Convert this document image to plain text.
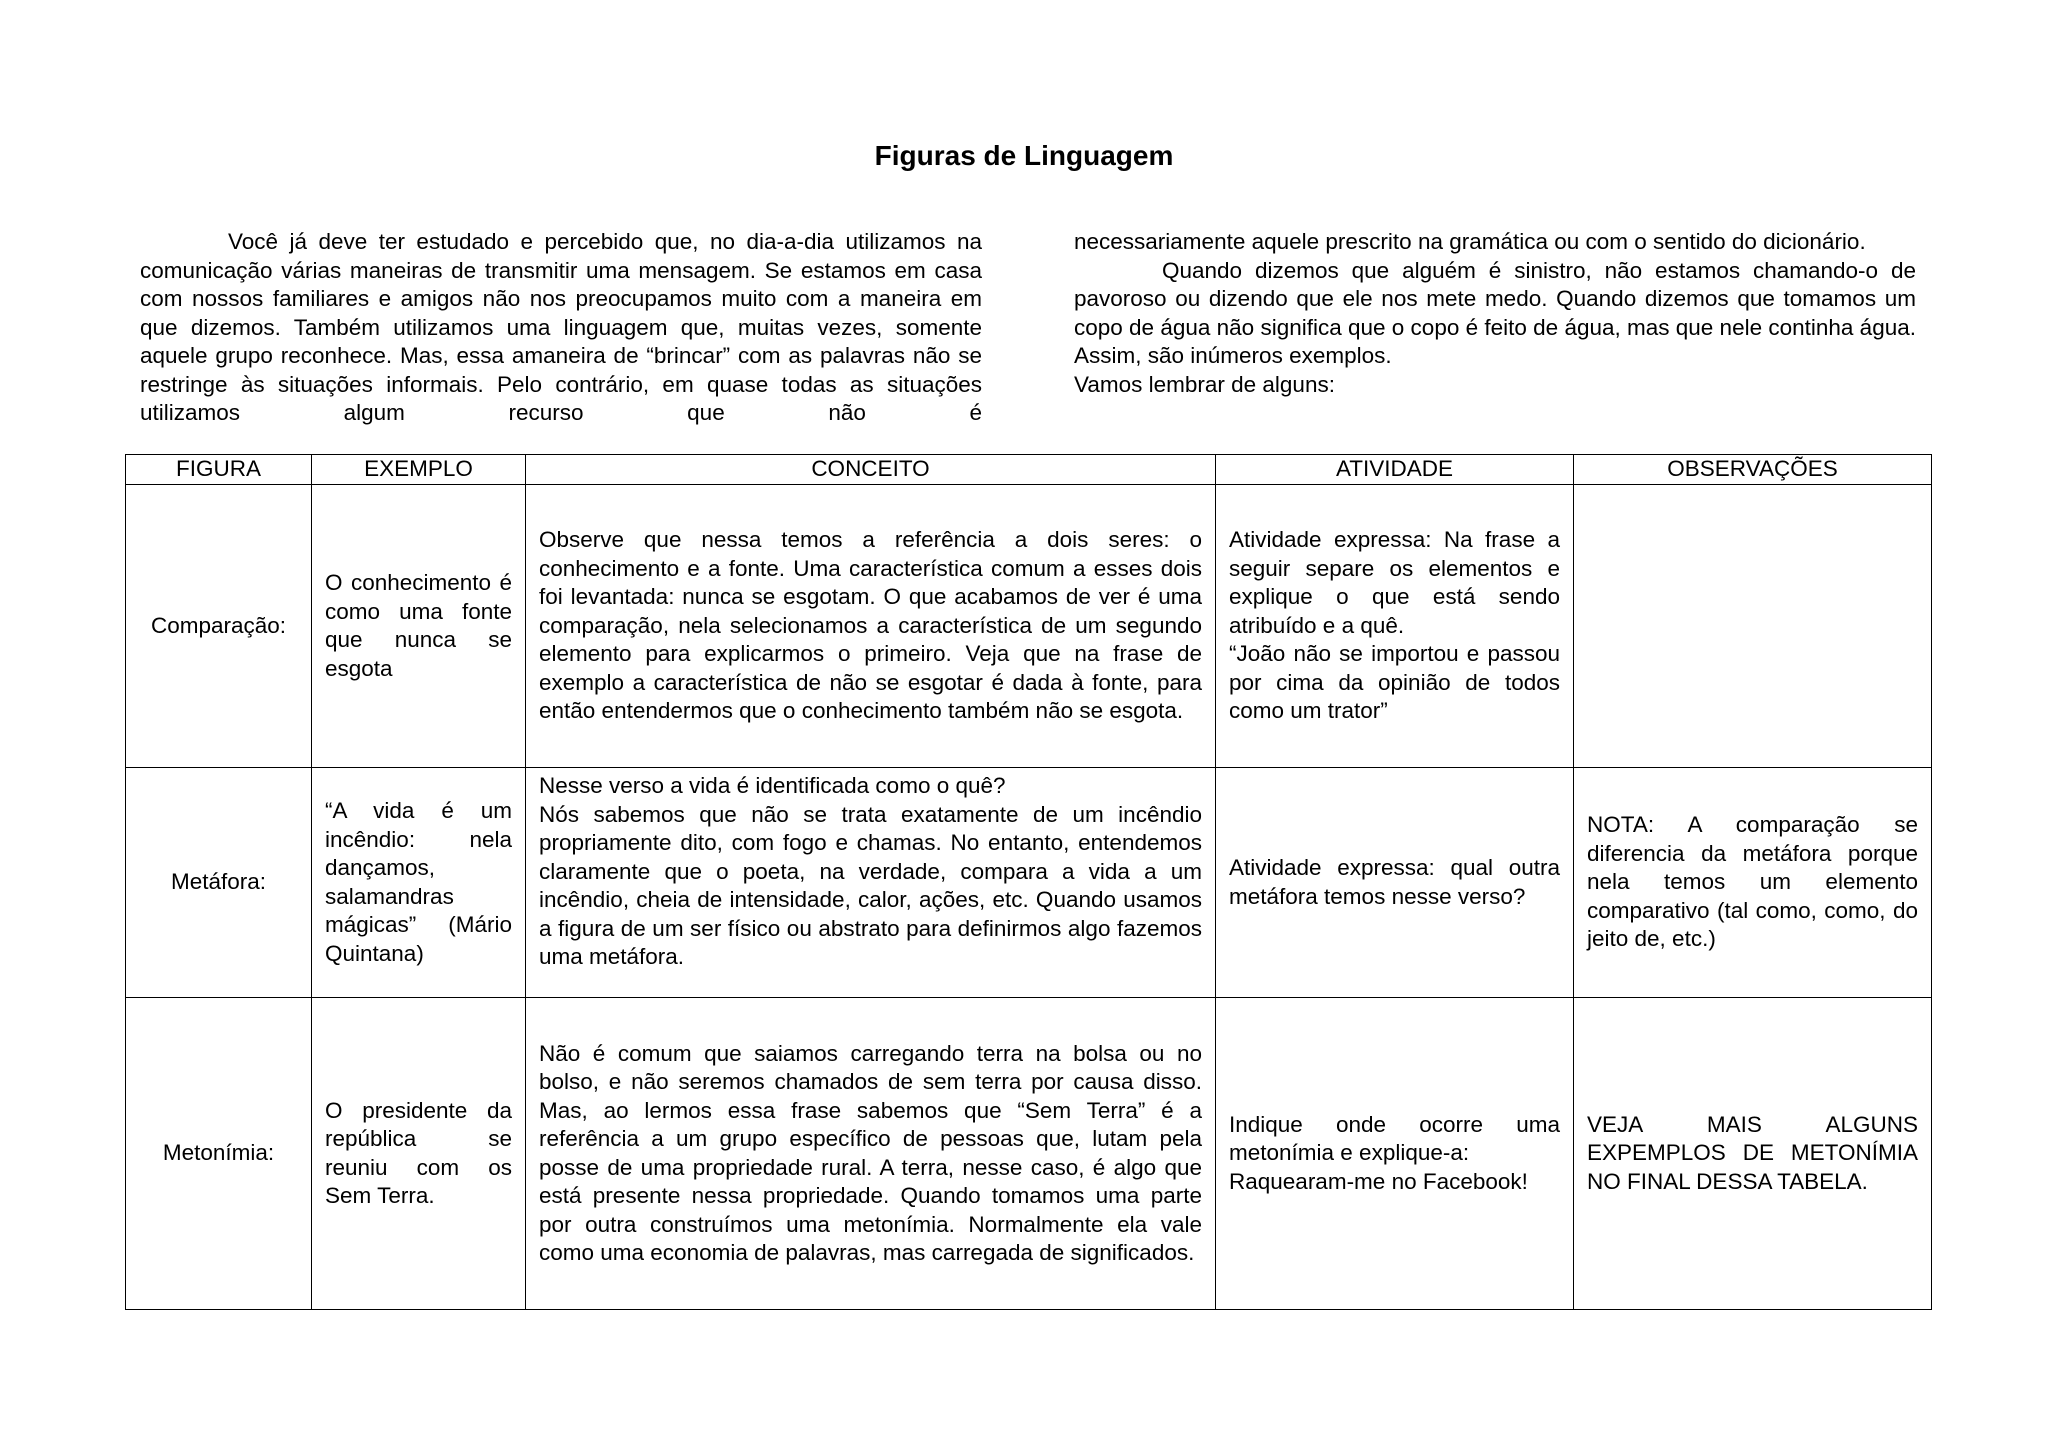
Figuras de Linguagem

Você já deve ter estudado e percebido que, no dia-a-dia utilizamos na comunicação várias maneiras de transmitir uma mensagem. Se estamos em casa com nossos familiares e amigos não nos preocupamos muito com a maneira em que dizemos. Também utilizamos uma linguagem que, muitas vezes, somente aquele grupo reconhece. Mas, essa amaneira de “brincar” com as palavras não se restringe às situações informais. Pelo contrário, em quase todas as situações utilizamos algum recurso que não é

necessariamente aquele prescrito na gramática ou com o sentido do dicionário.

Quando dizemos que alguém é sinistro, não estamos chamando-o de pavoroso ou dizendo que ele nos mete medo. Quando dizemos que tomamos um copo de água não significa que o copo é feito de água, mas que nele continha água. Assim, são inúmeros exemplos.

Vamos lembrar de alguns:

FIGURA	EXEMPLO	CONCEITO	ATIVIDADE	OBSERVAÇÕES
Comparação:	O conhecimento é como uma fonte que nunca se esgota	Observe que nessa temos a referência a dois seres: o conhecimento e a fonte. Uma característica comum a esses dois foi levantada: nunca se esgotam. O que acabamos de ver é uma comparação, nela selecionamos a característica de um segundo elemento para explicarmos o primeiro. Veja que na frase de exemplo a característica de não se esgotar é dada à fonte, para então entendermos que o conhecimento também não se esgota.	Atividade expressa: Na frase a seguir separe os elementos e explique o que está sendo atribuído e a quê.
“João não se importou e passou por cima da opinião de todos como um trator”	

Metáfora:	“A vida é um incêndio: nela dançamos, salamandras mágicas” (Mário Quintana)	Nesse verso a vida é identificada como o quê?
Nós sabemos que não se trata exatamente de um incêndio propriamente dito, com fogo e chamas. No entanto, entendemos claramente que o poeta, na verdade, compara a vida a um incêndio, cheia de intensidade, calor, ações, etc. Quando usamos a figura de um ser físico ou abstrato para definirmos algo fazemos uma metáfora.	Atividade expressa: qual outra metáfora temos nesse verso?	NOTA: A comparação se diferencia da metáfora porque nela temos um elemento comparativo (tal como, como, do jeito de, etc.)
Metonímia:	O presidente da república se reuniu com os Sem Terra.	Não é comum que saiamos carregando terra na bolsa ou no bolso, e não seremos chamados de sem terra por causa disso. Mas, ao lermos essa frase sabemos que “Sem Terra” é a referência a um grupo específico de pessoas que, lutam pela posse de uma propriedade rural. A terra, nesse caso, é algo que está presente nessa propriedade. Quando tomamos uma parte por outra construímos uma metonímia. Normalmente ela vale como uma economia de palavras, mas carregada de significados.	Indique onde ocorre uma metonímia e explique-a:
Raquearam-me no Facebook!	VEJA MAIS ALGUNS EXPEMPLOS DE METONÍMIA NO FINAL DESSA TABELA.
